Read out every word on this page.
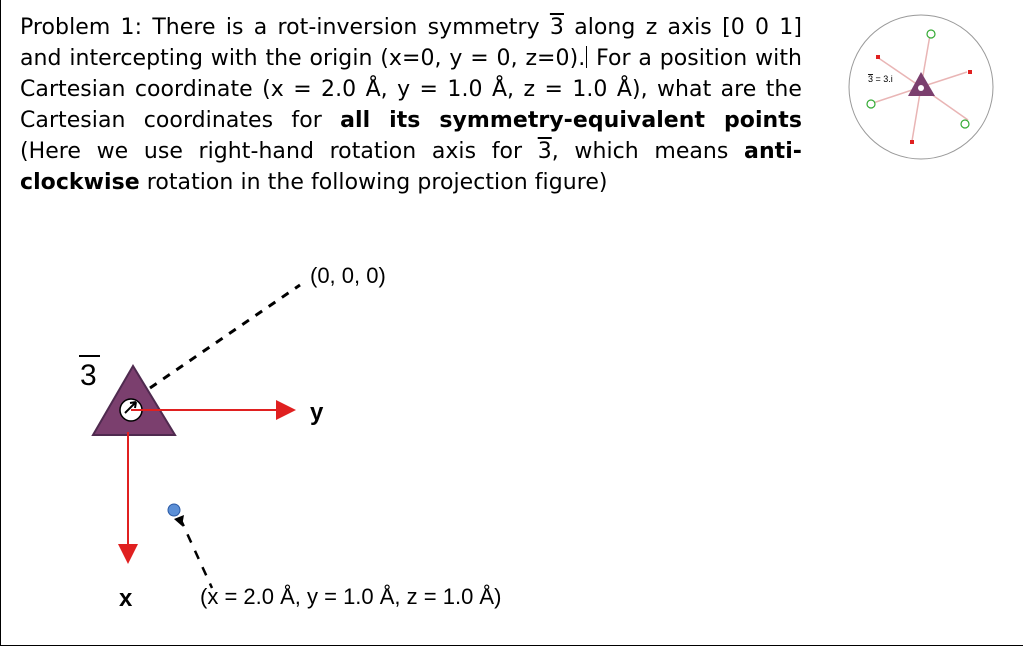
Problem 1: There is a rot-inversion symmetry 3 along z axis [0 0 1] and intercepting with the origin (x=0, y = 0, z=0). For a position with Cartesian coordinate (x = 2.0 Å, y = 1.0 Å, z = 1.0 Å), what are the Cartesian coordinates for all its symmetry-equivalent points (Here we use right-hand rotation axis for 3, which means anti-clockwise rotation in the following projection figure)

(0, 0, 0)
3
y
x	(x = 2.0 Å, y = 1.0 Å, z = 1.0 Å)
3 = 3.i
